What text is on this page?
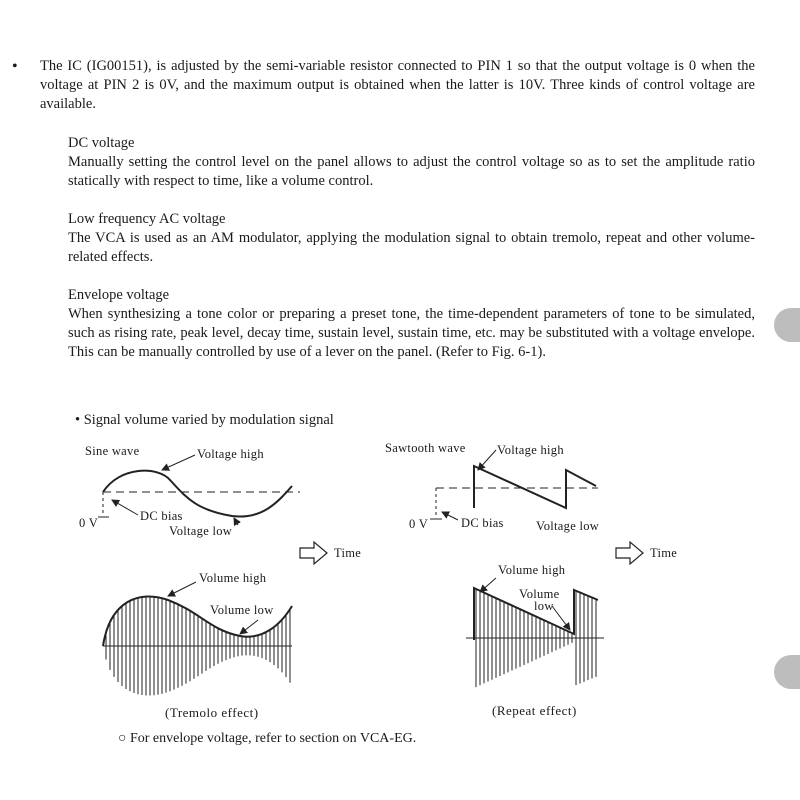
• The IC (IG00151), is adjusted by the semi-variable resistor connected to PIN 1 so that the output voltage is 0 when the voltage at PIN 2 is 0V, and the maximum output is obtained when the latter is 10V. Three kinds of control voltage are available.
DC voltage
Manually setting the control level on the panel allows to adjust the control voltage so as to set the amplitude ratio statically with respect to time, like a volume control.
Low frequency AC voltage
The VCA is used as an AM modulator, applying the modulation signal to obtain tremolo, repeat and other volume-related effects.
Envelope voltage
When synthesizing a tone color or preparing a preset tone, the time-dependent parameters of tone to be simulated, such as rising rate, peak level, decay time, sustain level, sustain time, etc. may be substituted with a voltage envelope. This can be manually controlled by use of a lever on the panel. (Refer to Fig. 6-1).
• Signal volume varied by modulation signal
Sine wave	Voltage high
DC bias
0 V
Voltage low
Time
Volume high
Volume low
(Tremolo effect)
Sawtooth wave	Voltage high
DC bias
0 V	Voltage low
Time
Volume high
Volume
low
(Repeat effect)
○ For envelope voltage, refer to section on VCA-EG.
